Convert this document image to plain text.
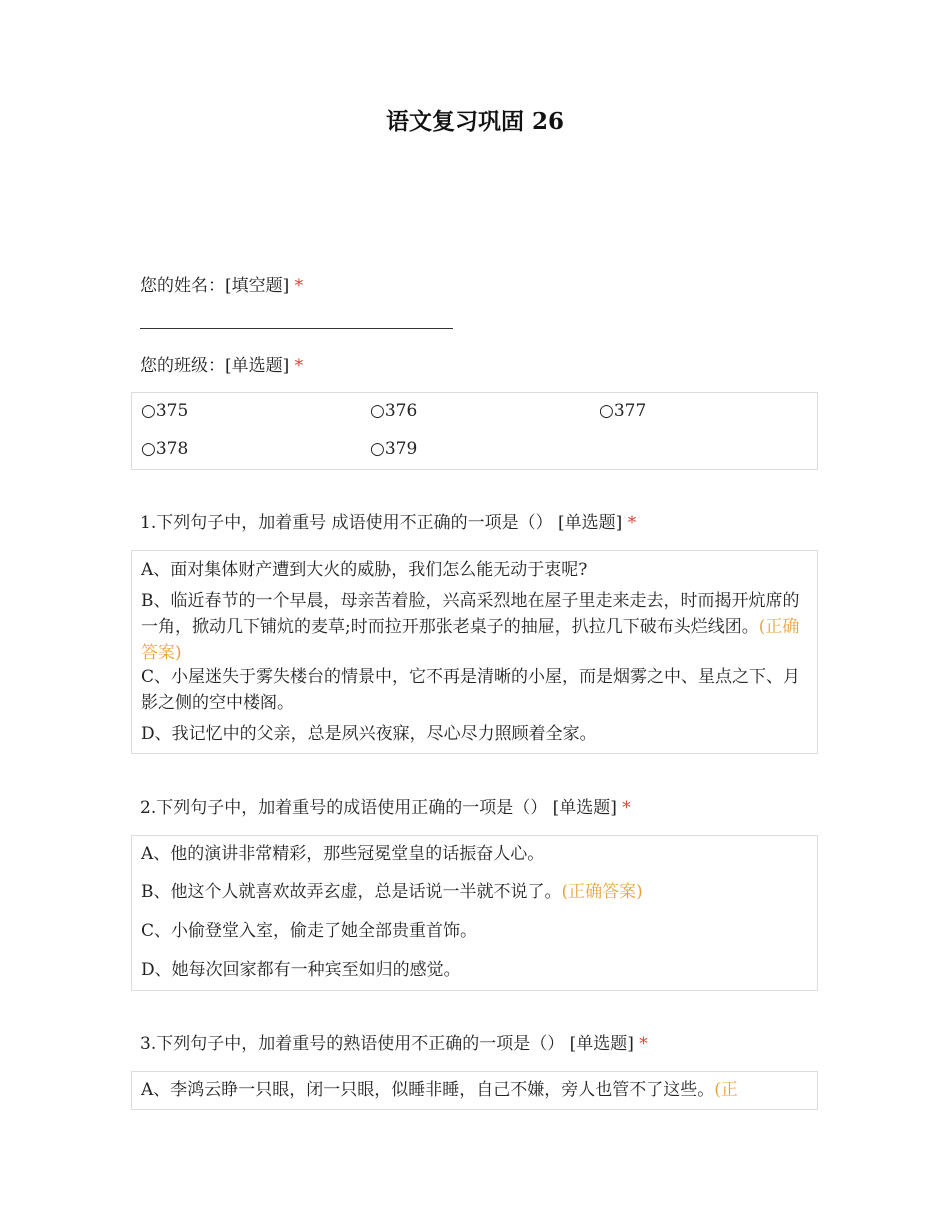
语文复习巩固 26
您的姓名：[填空题] *
您的班级：[单选题] *
○375	○376	○377
○378	○379
1.下列句子中，加着重号 成语使用不正确的一项是（） [单选题] *
A、面对集体财产遭到大火的威胁，我们怎么能无动于衷呢?
B、临近春节的一个早晨，母亲苦着脸，兴高采烈地在屋子里走来走去，时而揭开炕席的一角，掀动几下铺炕的麦草;时而拉开那张老桌子的抽屉，扒拉几下破布头烂线团。(正确答案)
C、小屋迷失于雾失楼台的情景中，它不再是清晰的小屋，而是烟雾之中、星点之下、月影之侧的空中楼阁。
D、我记忆中的父亲，总是夙兴夜寐，尽心尽力照顾着全家。
2.下列句子中，加着重号的成语使用正确的一项是（） [单选题] *
A、他的演讲非常精彩，那些冠冕堂皇的话振奋人心。
B、他这个人就喜欢故弄玄虚，总是话说一半就不说了。(正确答案)
C、小偷登堂入室，偷走了她全部贵重首饰。
D、她每次回家都有一种宾至如归的感觉。
3.下列句子中，加着重号的熟语使用不正确的一项是（） [单选题] *
A、李鸿云睁一只眼，闭一只眼，似睡非睡，自己不嫌，旁人也管不了这些。(正
